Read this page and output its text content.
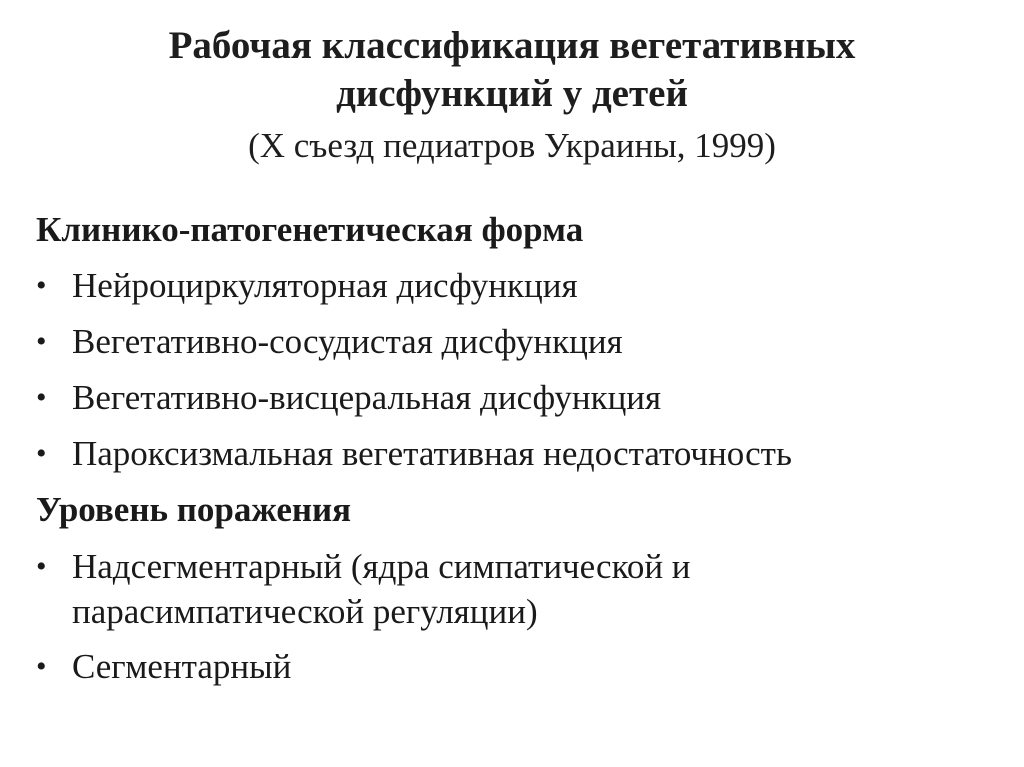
Рабочая классификация вегетативных
дисфункций у детей
(X съезд педиатров Украины, 1999)
Клинико-патогенетическая форма
• Нейроциркуляторная дисфункция
• Вегетативно-сосудистая дисфункция
• Вегетативно-висцеральная дисфункция
• Пароксизмальная вегетативная недостаточность
Уровень поражения
• Надсегментарный (ядра симпатической и парасимпатической регуляции)
• Сегментарный
